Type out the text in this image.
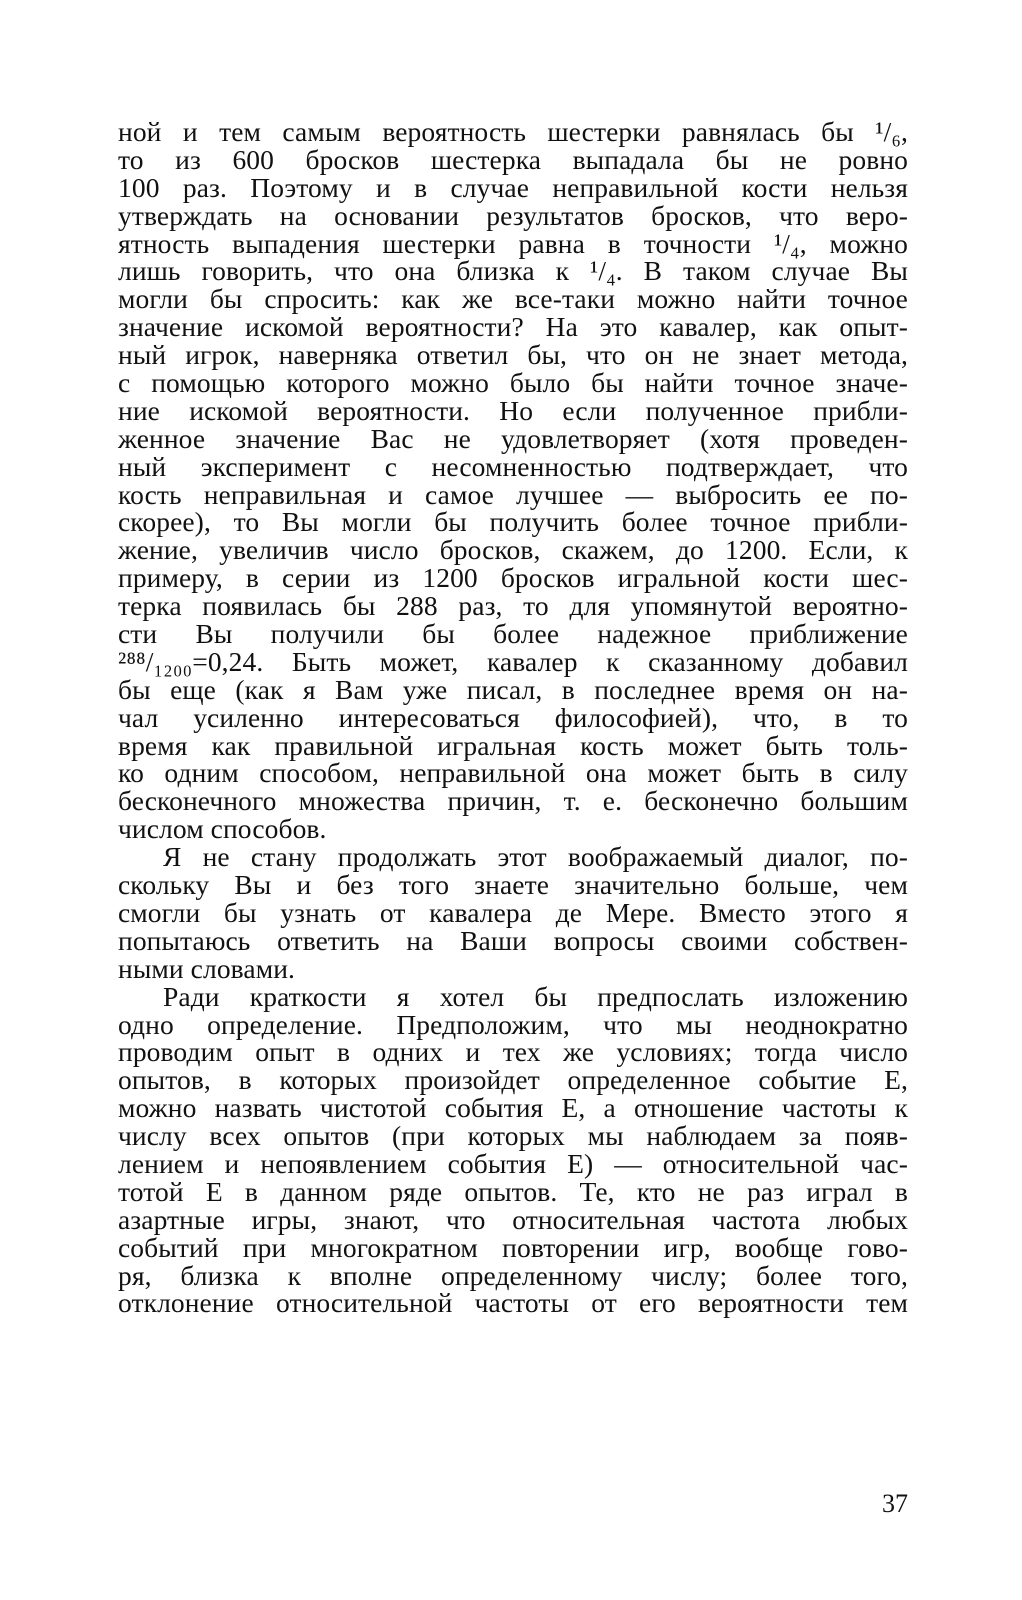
ной и тем самым вероятность шестерки равнялась бы ¹/₆,
то из 600 бросков шестерка выпадала бы не ровно
100 раз. Поэтому и в случае неправильной кости нельзя
утверждать на основании результатов бросков, что веро-
ятность выпадения шестерки равна в точности ¹/₄, можно
лишь говорить, что она близка к ¹/₄. В таком случае Вы
могли бы спросить: как же все-таки можно найти точное
значение искомой вероятности? На это кавалер, как опыт-
ный игрок, наверняка ответил бы, что он не знает метода,
с помощью которого можно было бы найти точное значе-
ние искомой вероятности. Но если полученное прибли-
женное значение Вас не удовлетворяет (хотя проведен-
ный эксперимент с несомненностью подтверждает, что
кость неправильная и самое лучшее — выбросить ее по-
скорее), то Вы могли бы получить более точное прибли-
жение, увеличив число бросков, скажем, до 1200. Если, к
примеру, в серии из 1200 бросков игральной кости шес-
терка появилась бы 288 раз, то для упомянутой вероятно-
сти Вы получили бы более надежное приближение
²⁸⁸/₁₂₀₀=0,24. Быть может, кавалер к сказанному добавил
бы еще (как я Вам уже писал, в последнее время он на-
чал усиленно интересоваться философией), что, в то
время как правильной игральная кость может быть толь-
ко одним способом, неправильной она может быть в силу
бесконечного множества причин, т. е. бесконечно большим
числом способов.
Я не стану продолжать этот воображаемый диалог, по-
скольку Вы и без того знаете значительно больше, чем
смогли бы узнать от кавалера де Мере. Вместо этого я
попытаюсь ответить на Ваши вопросы своими собствен-
ными словами.
Ради краткости я хотел бы предпослать изложению
одно определение. Предположим, что мы неоднократно
проводим опыт в одних и тех же условиях; тогда число
опытов, в которых произойдет определенное событие E,
можно назвать чистотой события E, а отношение частоты к
числу всех опытов (при которых мы наблюдаем за появ-
лением и непоявлением события E) — относительной час-
тотой E в данном ряде опытов. Те, кто не раз играл в
азартные игры, знают, что относительная частота любых
событий при многократном повторении игр, вообще гово-
ря, близка к вполне определенному числу; более того,
отклонение относительной частоты от его вероятности тем
37
